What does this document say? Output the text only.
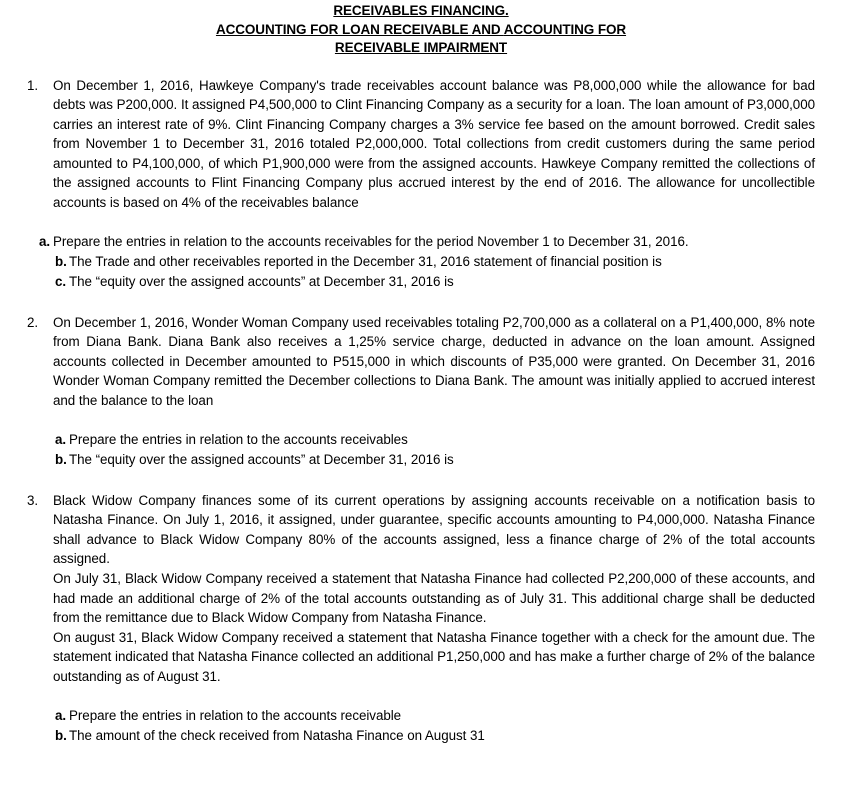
RECEIVABLES FINANCING.
ACCOUNTING FOR LOAN RECEIVABLE AND ACCOUNTING FOR
RECEIVABLE IMPAIRMENT
1.	On December 1, 2016, Hawkeye Company's trade receivables account balance was P8,000,000 while the allowance for bad debts was P200,000. It assigned P4,500,000 to Clint Financing Company as a security for a loan. The loan amount of P3,000,000 carries an interest rate of 9%. Clint Financing Company charges a 3% service fee based on the amount borrowed. Credit sales from November 1 to December 31, 2016 totaled P2,000,000. Total collections from credit customers during the same period amounted to P4,100,000, of which P1,900,000 were from the assigned accounts. Hawkeye Company remitted the collections of the assigned accounts to Flint Financing Company plus accrued interest by the end of 2016. The allowance for uncollectible accounts is based on 4% of the receivables balance

a. Prepare the entries in relation to the accounts receivables for the period November 1 to December 31, 2016.
b. The Trade and other receivables reported in the December 31, 2016 statement of financial position is
c. The “equity over the assigned accounts” at December 31, 2016 is
2.	On December 1, 2016, Wonder Woman Company used receivables totaling P2,700,000 as a collateral on a P1,400,000, 8% note from Diana Bank. Diana Bank also receives a 1,25% service charge, deducted in advance on the loan amount. Assigned accounts collected in December amounted to P515,000 in which discounts of P35,000 were granted. On December 31, 2016 Wonder Woman Company remitted the December collections to Diana Bank. The amount was initially applied to accrued interest and the balance to the loan

a. Prepare the entries in relation to the accounts receivables
b. The “equity over the assigned accounts” at December 31, 2016 is
3.	Black Widow Company finances some of its current operations by assigning accounts receivable on a notification basis to Natasha Finance. On July 1, 2016, it assigned, under guarantee, specific accounts amounting to P4,000,000. Natasha Finance shall advance to Black Widow Company 80% of the accounts assigned, less a finance charge of 2% of the total accounts assigned.

On July 31, Black Widow Company received a statement that Natasha Finance had collected P2,200,000 of these accounts, and had made an additional charge of 2% of the total accounts outstanding as of July 31. This additional charge shall be deducted from the remittance due to Black Widow Company from Natasha Finance.

On august 31, Black Widow Company received a statement that Natasha Finance together with a check for the amount due. The statement indicated that Natasha Finance collected an additional P1,250,000 and has make a further charge of 2% of the balance outstanding as of August 31.

a. Prepare the entries in relation to the accounts receivable
b. The amount of the check received from Natasha Finance on August 31
